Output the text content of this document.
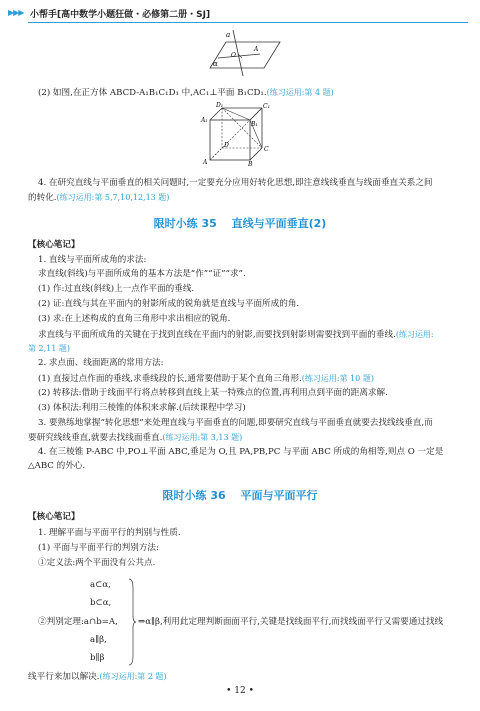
▶▶▶ 小帮手[高中数学小题狂做・必修第二册・SJ]
a
O
A
α
(2) 如图,在正方体 ABCD-A₁B₁C₁D₁ 中,AC₁⊥平面 B₁CD₁.(练习运用:第 4 题)
D₁	C₁
A₁
B₁
D
C
A	B
4. 在研究直线与平面垂直的相关问题时,一定要充分应用好转化思想,即注意线线垂直与线面垂直关系之间
的转化.(练习运用:第 5,7,10,12,13 题)
限时小练 35 　直线与平面垂直(2)
【核心笔记】
1. 直线与平面所成角的求法:
求直线(斜线)与平面所成角的基本方法是“作”“证”“求”.
(1) 作:过直线(斜线)上一点作平面的垂线.
(2) 证:直线与其在平面内的射影所成的锐角就是直线与平面所成的角.
(3) 求:在上述构成的直角三角形中求出相应的锐角.
求直线与平面所成角的关键在于找到直线在平面内的射影,而要找到射影则需要找到平面的垂线.(练习运用:
第 2,11 题)
2. 求点面、线面距离的常用方法:
(1) 直接过点作面的垂线,求垂线段的长,通常要借助于某个直角三角形.(练习运用:第 10 题)
(2) 转移法:借助于线面平行将点转移到直线上某一特殊点的位置,再利用点到平面的距离求解.
(3) 体积法:利用三棱锥的体积来求解.(后续课程中学习)
3. 要熟练地掌握“转化思想”来处理直线与平面垂直的问题,即要研究直线与平面垂直就要去找线线垂直,而
要研究线线垂直,就要去找线面垂直.(练习运用:第 3,13 题)
4. 在三棱锥 P-ABC 中,PO⊥平面 ABC,垂足为 O,且 PA,PB,PC 与平面 ABC 所成的角相等,则点 O 一定是
△ABC 的外心.
限时小练 36 　平面与平面平行
【核心笔记】
1. 理解平面与平面平行的判别与性质.
(1) 平面与平面平行的判别方法:
①定义法:两个平面没有公共点.
a⊂α,
b⊂α,
②判别定理:a∩b=A,
a∥β,
b∥β
⇒α∥β,利用此定理判断面面平行,关键是找线面平行,而找线面平行又需要通过找线
线平行来加以解决.(练习运用:第 2 题)
• 12 •
